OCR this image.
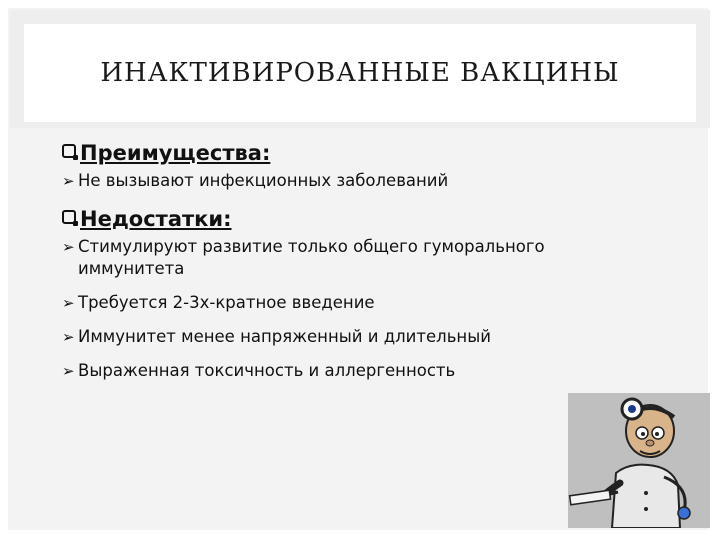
ИНАКТИВИРОВАННЫЕ ВАКЦИНЫ
Преимущества:
➢ Не вызывают инфекционных заболеваний
Недостатки:
➢ Стимулируют развитие только общего гуморального иммунитета
➢ Требуется 2-3х-кратное введение
➢ Иммунитет менее напряженный и длительный
➢ Выраженная токсичность и аллергенность
